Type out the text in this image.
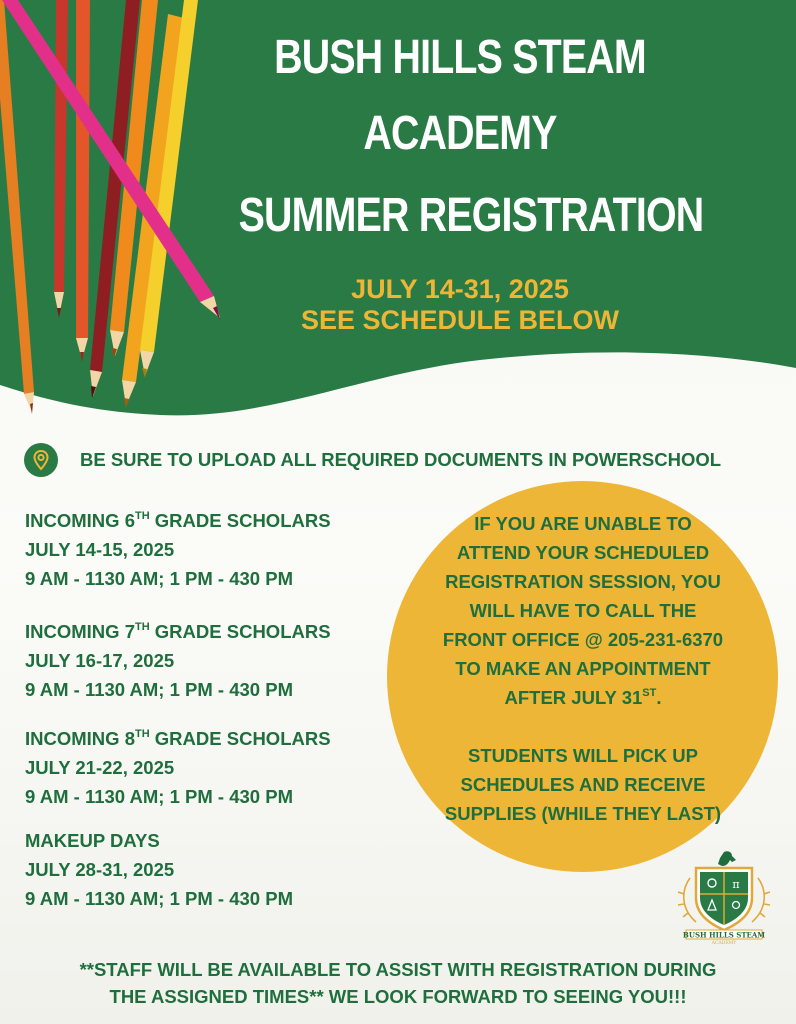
BUSH HILLS STEAM
ACADEMY
SUMMER REGISTRATION
JULY 14-31, 2025
SEE SCHEDULE BELOW
BE SURE TO UPLOAD ALL REQUIRED DOCUMENTS IN POWERSCHOOL
INCOMING 6TH GRADE SCHOLARS
JULY 14-15, 2025
9 AM - 1130 AM; 1 PM - 430 PM
INCOMING 7TH GRADE SCHOLARS
JULY 16-17, 2025
9 AM - 1130 AM; 1 PM - 430 PM
INCOMING 8TH GRADE SCHOLARS
JULY 21-22, 2025
9 AM - 1130 AM; 1 PM - 430 PM
MAKEUP DAYS
JULY 28-31, 2025
9 AM - 1130 AM; 1 PM - 430 PM
IF YOU ARE UNABLE TO
ATTEND YOUR SCHEDULED
REGISTRATION SESSION, YOU
WILL HAVE TO CALL THE
FRONT OFFICE @ 205-231-6370
TO MAKE AN APPOINTMENT
AFTER JULY 31ST.
STUDENTS WILL PICK UP
SCHEDULES AND RECEIVE
SUPPLIES (WHILE THEY LAST)
π
BUSH HILLS STEAM
ACADEMY
**STAFF WILL BE AVAILABLE TO ASSIST WITH REGISTRATION DURING
THE ASSIGNED TIMES** WE LOOK FORWARD TO SEEING YOU!!!
